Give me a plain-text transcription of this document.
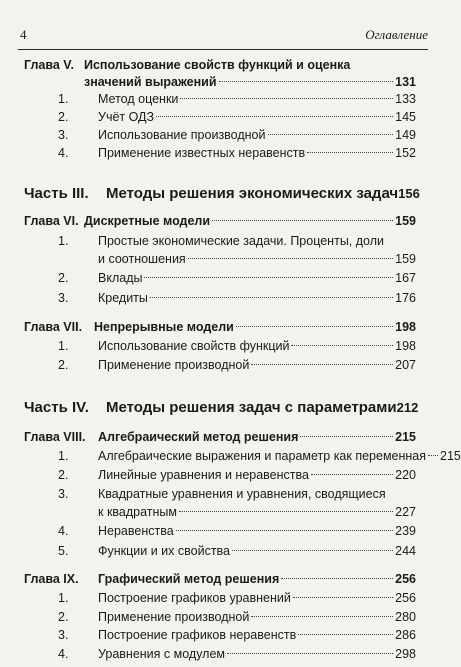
4	Оглавление
Глава V. Использование свойств функций и оценка
значений выражений	131
1.	Метод оценки	133
2.	Учёт ОДЗ	145
3.	Использование производной	149
4.	Применение известных неравенств	152
Часть III.	Методы решения экономических задач 156
Глава VI. Дискретные модели	159
1.	Простые экономические задачи. Проценты, доли
и соотношения	159
2.	Вклады	167
3.	Кредиты	176
Глава VII. Непрерывные модели	198
1.	Использование свойств функций	198
2.	Применение производной	207
Часть IV.	Методы решения задач с параметрами 212
Глава VIII. Алгебраический метод решения	215
1.	Алгебраические выражения и параметр как переменная 215
2.	Линейные уравнения и неравенства	220
3.	Квадратные уравнения и уравнения, сводящиеся
к квадратным	227
4.	Неравенства	239
5.	Функции и их свойства	244
Глава IX.	Графический метод решения	256
1.	Построение графиков уравнений	256
2.	Применение производной	280
3.	Построение графиков неравенств	286
4.	Уравнения с модулем	298
